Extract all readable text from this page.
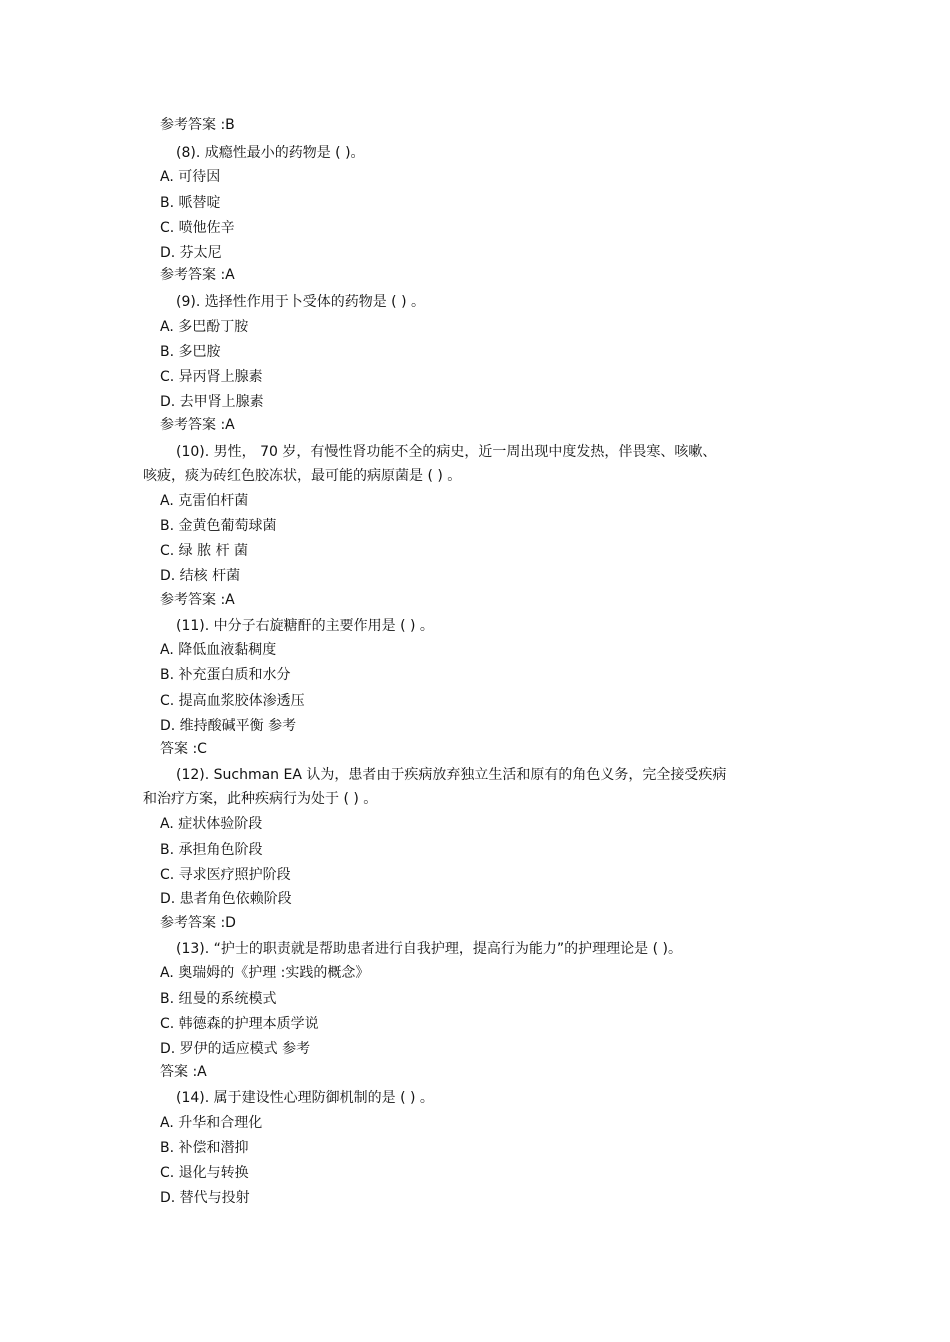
参考答案 :B
(8). 成瘾性最小的药物是 ( )。
A. 可待因
B. 哌替啶
C. 喷他佐辛
D. 芬太尼
参考答案 :A
(9). 选择性作用于卜受体的药物是 ( ) 。
A. 多巴酚丁胺
B. 多巴胺
C. 异丙肾上腺素
D. 去甲肾上腺素
参考答案 :A
(10). 男性， 70 岁，有慢性肾功能不全的病史，近一周出现中度发热，伴畏寒、咳嗽、
咳疲，痰为砖红色胶冻状，最可能的病原菌是 ( ) 。
A. 克雷伯杆菌
B. 金黄色葡萄球菌
C. 绿 脓 杆 菌
D. 结核 杆菌
参考答案 :A
(11). 中分子右旋糖酐的主要作用是 ( ) 。
A. 降低血液黏稠度
B. 补充蛋白质和水分
C. 提高血浆胶体渗透压
D. 维持酸碱平衡 参考
答案 :C
(12). Suchman EA 认为，患者由于疾病放弃独立生活和原有的角色义务，完全接受疾病
和治疗方案，此种疾病行为处于 ( ) 。
A. 症状体验阶段
B. 承担角色阶段
C. 寻求医疗照护阶段
D. 患者角色依赖阶段
参考答案 :D
(13). “护士的职责就是帮助患者进行自我护理，提高行为能力”的护理理论是 ( )。
A. 奥瑞姆的《护理 :实践的概念》
B. 纽曼的系统模式
C. 韩德森的护理本质学说
D. 罗伊的适应模式 参考
答案 :A
(14). 属于建设性心理防御机制的是 ( ) 。
A. 升华和合理化
B. 补偿和潜抑
C. 退化与转换
D. 替代与投射
